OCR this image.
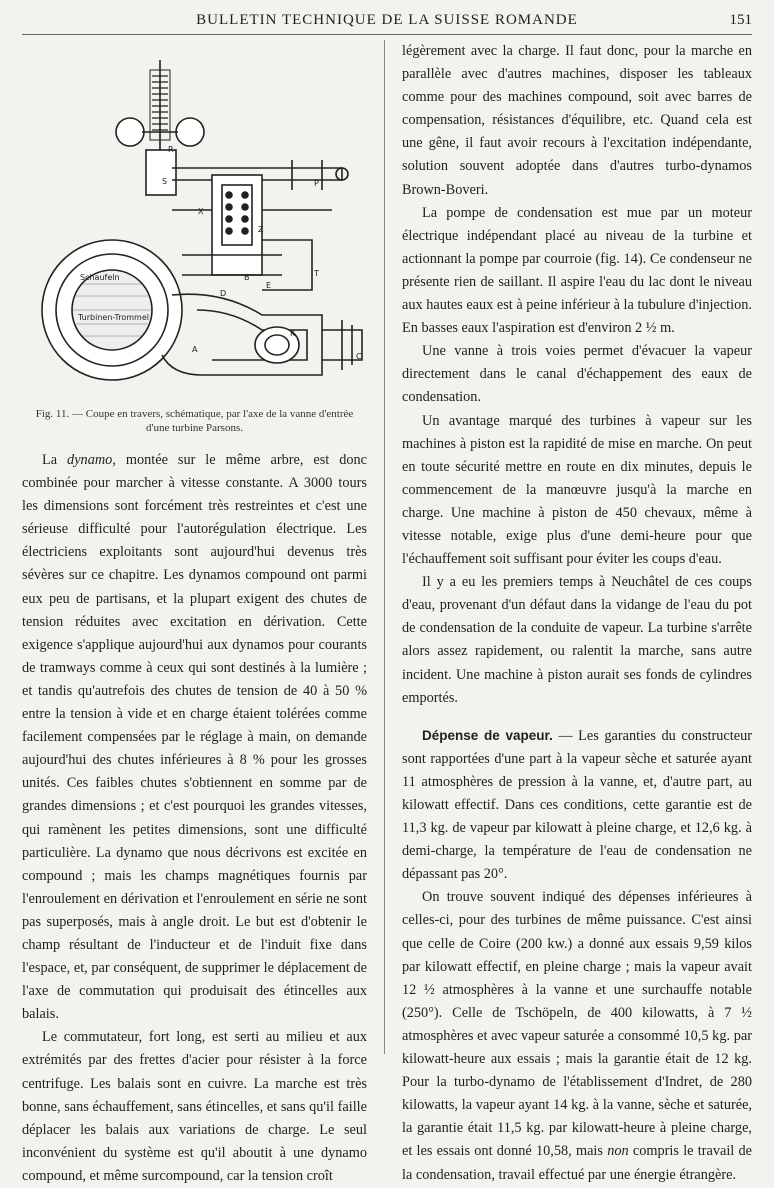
BULLETIN TECHNIQUE DE LA SUISSE ROMANDE	151
Schaufeln
Turbinen-Trommel
A
B
C
D
E
P
R
S
T
K
X
Z
Fig. 11. — Coupe en travers, schématique, par l'axe de la vanne d'entrée d'une turbine Parsons.

La dynamo, montée sur le même arbre, est donc combinée pour marcher à vitesse constante. A 3000 tours les dimensions sont forcément très restreintes et c'est une sérieuse difficulté pour l'autorégulation électrique. Les électriciens exploitants sont aujourd'hui devenus très sévères sur ce chapitre. Les dynamos compound ont parmi eux peu de partisans, et la plupart exigent des chutes de tension réduites avec excitation en dérivation. Cette exigence s'applique aujourd'hui aux dynamos pour courants de tramways comme à ceux qui sont destinés à la lumière ; et tandis qu'autrefois des chutes de tension de 40 à 50 % entre la tension à vide et en charge étaient tolérées comme facilement compensées par le réglage à main, on demande aujourd'hui des chutes inférieures à 8 % pour les grosses unités. Ces faibles chutes s'obtiennent en somme par de grandes dimensions ; et c'est pourquoi les grandes vitesses, qui ramènent les petites dimensions, sont une difficulté particulière. La dynamo que nous décrivons est excitée en compound ; mais les champs magnétiques fournis par l'enroulement en dérivation et l'enroulement en série ne sont pas superposés, mais à angle droit. Le but est d'obtenir le champ résultant de l'inducteur et de l'induit fixe dans l'espace, et, par conséquent, de supprimer le déplacement de l'axe de commutation qui produisait des étincelles aux balais.

Le commutateur, fort long, est serti au milieu et aux extrémités par des frettes d'acier pour résister à la force centrifuge. Les balais sont en cuivre. La marche est très bonne, sans échauffement, sans étincelles, et sans qu'il faille déplacer les balais aux variations de charge. Le seul inconvénient du système est qu'il aboutit à une dynamo compound, et même surcompound, car la tension croît

légèrement avec la charge. Il faut donc, pour la marche en parallèle avec d'autres machines, disposer les tableaux comme pour des machines compound, soit avec barres de compensation, résistances d'équilibre, etc. Quand cela est une gêne, il faut avoir recours à l'excitation indépendante, solution souvent adoptée dans d'autres turbo-dynamos Brown-Boveri.

La pompe de condensation est mue par un moteur électrique indépendant placé au niveau de la turbine et actionnant la pompe par courroie (fig. 14). Ce condenseur ne présente rien de saillant. Il aspire l'eau du lac dont le niveau aux hautes eaux est à peine inférieur à la tubulure d'injection. En basses eaux l'aspiration est d'environ 2 ½ m.

Une vanne à trois voies permet d'évacuer la vapeur directement dans le canal d'échappement des eaux de condensation.

Un avantage marqué des turbines à vapeur sur les machines à piston est la rapidité de mise en marche. On peut en toute sécurité mettre en route en dix minutes, depuis le commencement de la manœuvre jusqu'à la marche en charge. Une machine à piston de 450 chevaux, même à vitesse notable, exige plus d'une demi-heure pour que l'échauffement soit suffisant pour éviter les coups d'eau.

Il y a eu les premiers temps à Neuchâtel de ces coups d'eau, provenant d'un défaut dans la vidange de l'eau du pot de condensation de la conduite de vapeur. La turbine s'arrête alors assez rapidement, ou ralentit la marche, sans autre incident. Une machine à piston aurait ses fonds de cylindres emportés.

Dépense de vapeur. — Les garanties du constructeur sont rapportées d'une part à la vapeur sèche et saturée ayant 11 atmosphères de pression à la vanne, et, d'autre part, au kilowatt effectif. Dans ces conditions, cette garantie est de 11,3 kg. de vapeur par kilowatt à pleine charge, et 12,6 kg. à demi-charge, la température de l'eau de condensation ne dépassant pas 20°.

On trouve souvent indiqué des dépenses inférieures à celles-ci, pour des turbines de même puissance. C'est ainsi que celle de Coire (200 kw.) a donné aux essais 9,59 kilos par kilowatt effectif, en pleine charge ; mais la vapeur avait 12 ½ atmosphères à la vanne et une surchauffe notable (250°). Celle de Tschöpeln, de 400 kilowatts, à 7 ½ atmosphères et avec vapeur saturée a consommé 10,5 kg. par kilowatt-heure aux essais ; mais la garantie était de 12 kg. Pour la turbo-dynamo de l'établissement d'Indret, de 280 kilowatts, la vapeur ayant 14 kg. à la vanne, sèche et saturée, la garantie était 11,5 kg. par kilowatt-heure à pleine charge, et les essais ont donné 10,58, mais non compris le travail de la condensation, travail effectué par une énergie étrangère.
